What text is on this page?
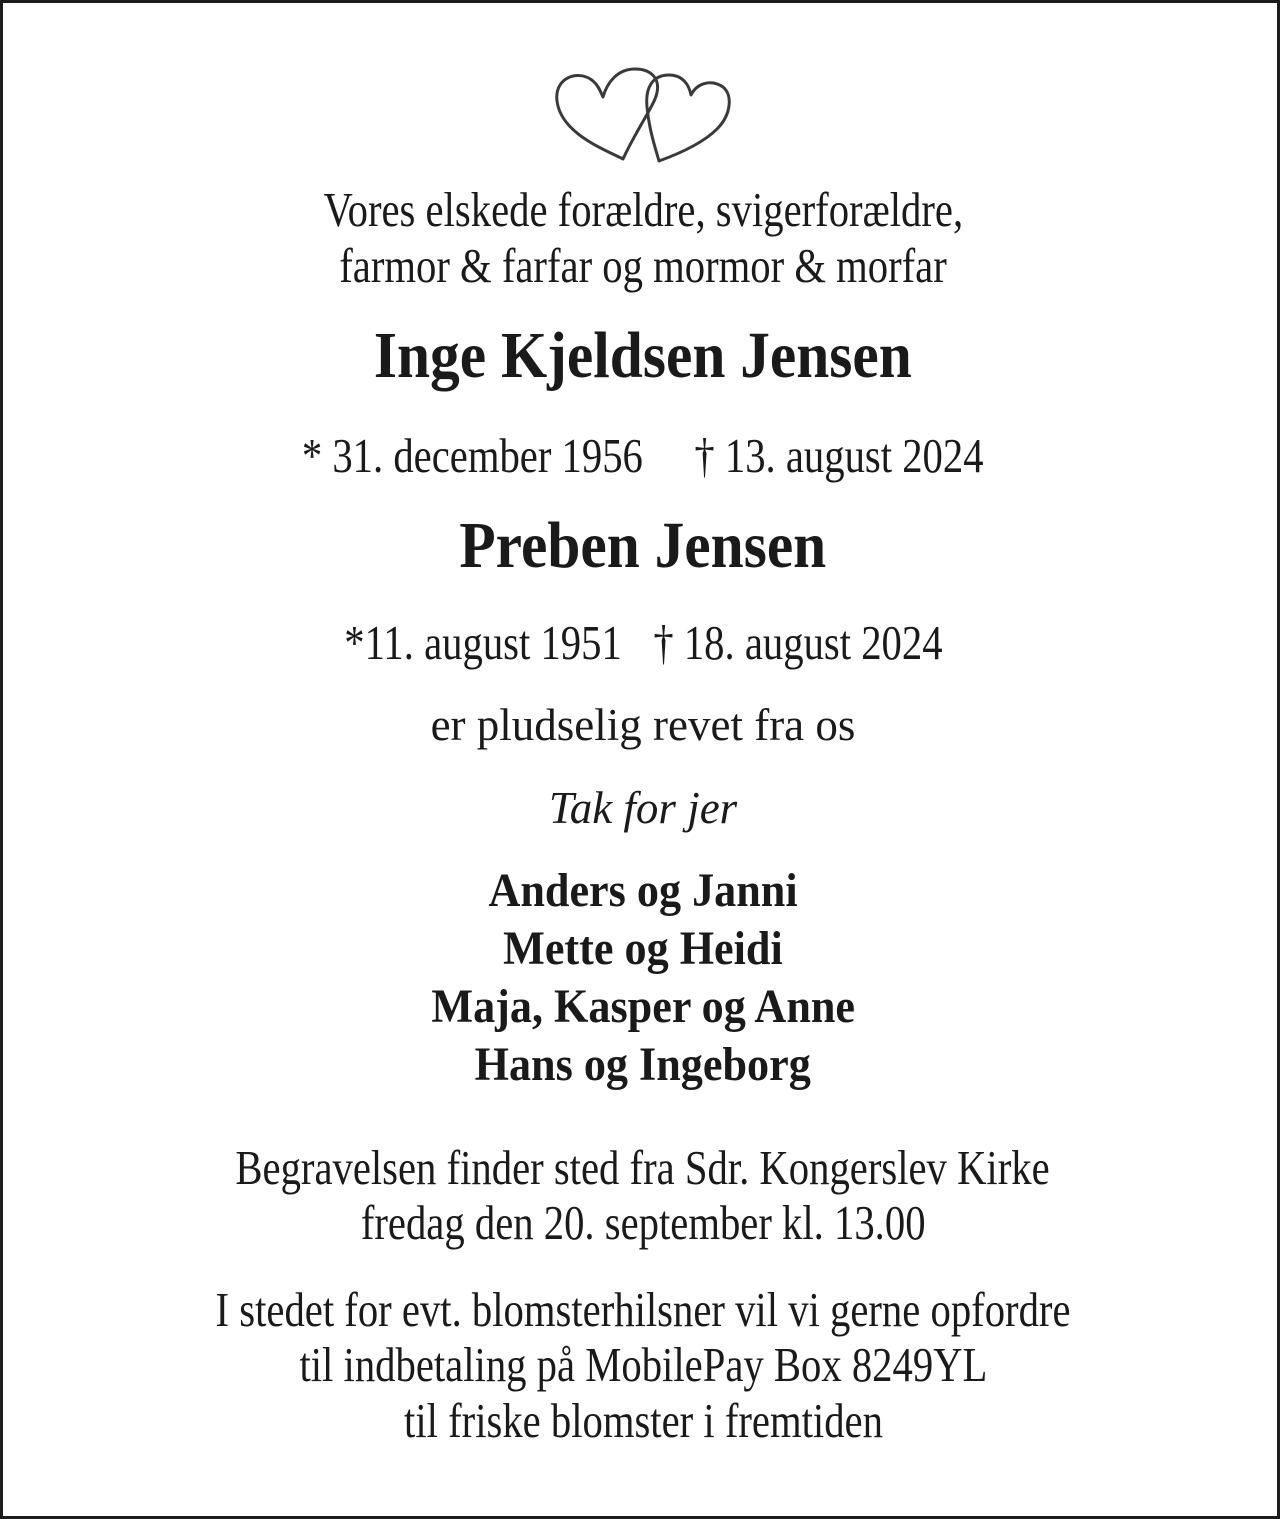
Vores elskede forældre, svigerforældre,
farmor & farfar og mormor & morfar
Inge Kjeldsen Jensen
* 31. december 1956 † 13. august 2024
Preben Jensen
*11. august 1951 † 18. august 2024
er pludselig revet fra os
Tak for jer
Anders og Janni
Mette og Heidi
Maja, Kasper og Anne
Hans og Ingeborg
Begravelsen finder sted fra Sdr. Kongerslev Kirke
fredag den 20. september kl. 13.00
I stedet for evt. blomsterhilsner vil vi gerne opfordre
til indbetaling på MobilePay Box 8249YL
til friske blomster i fremtiden
